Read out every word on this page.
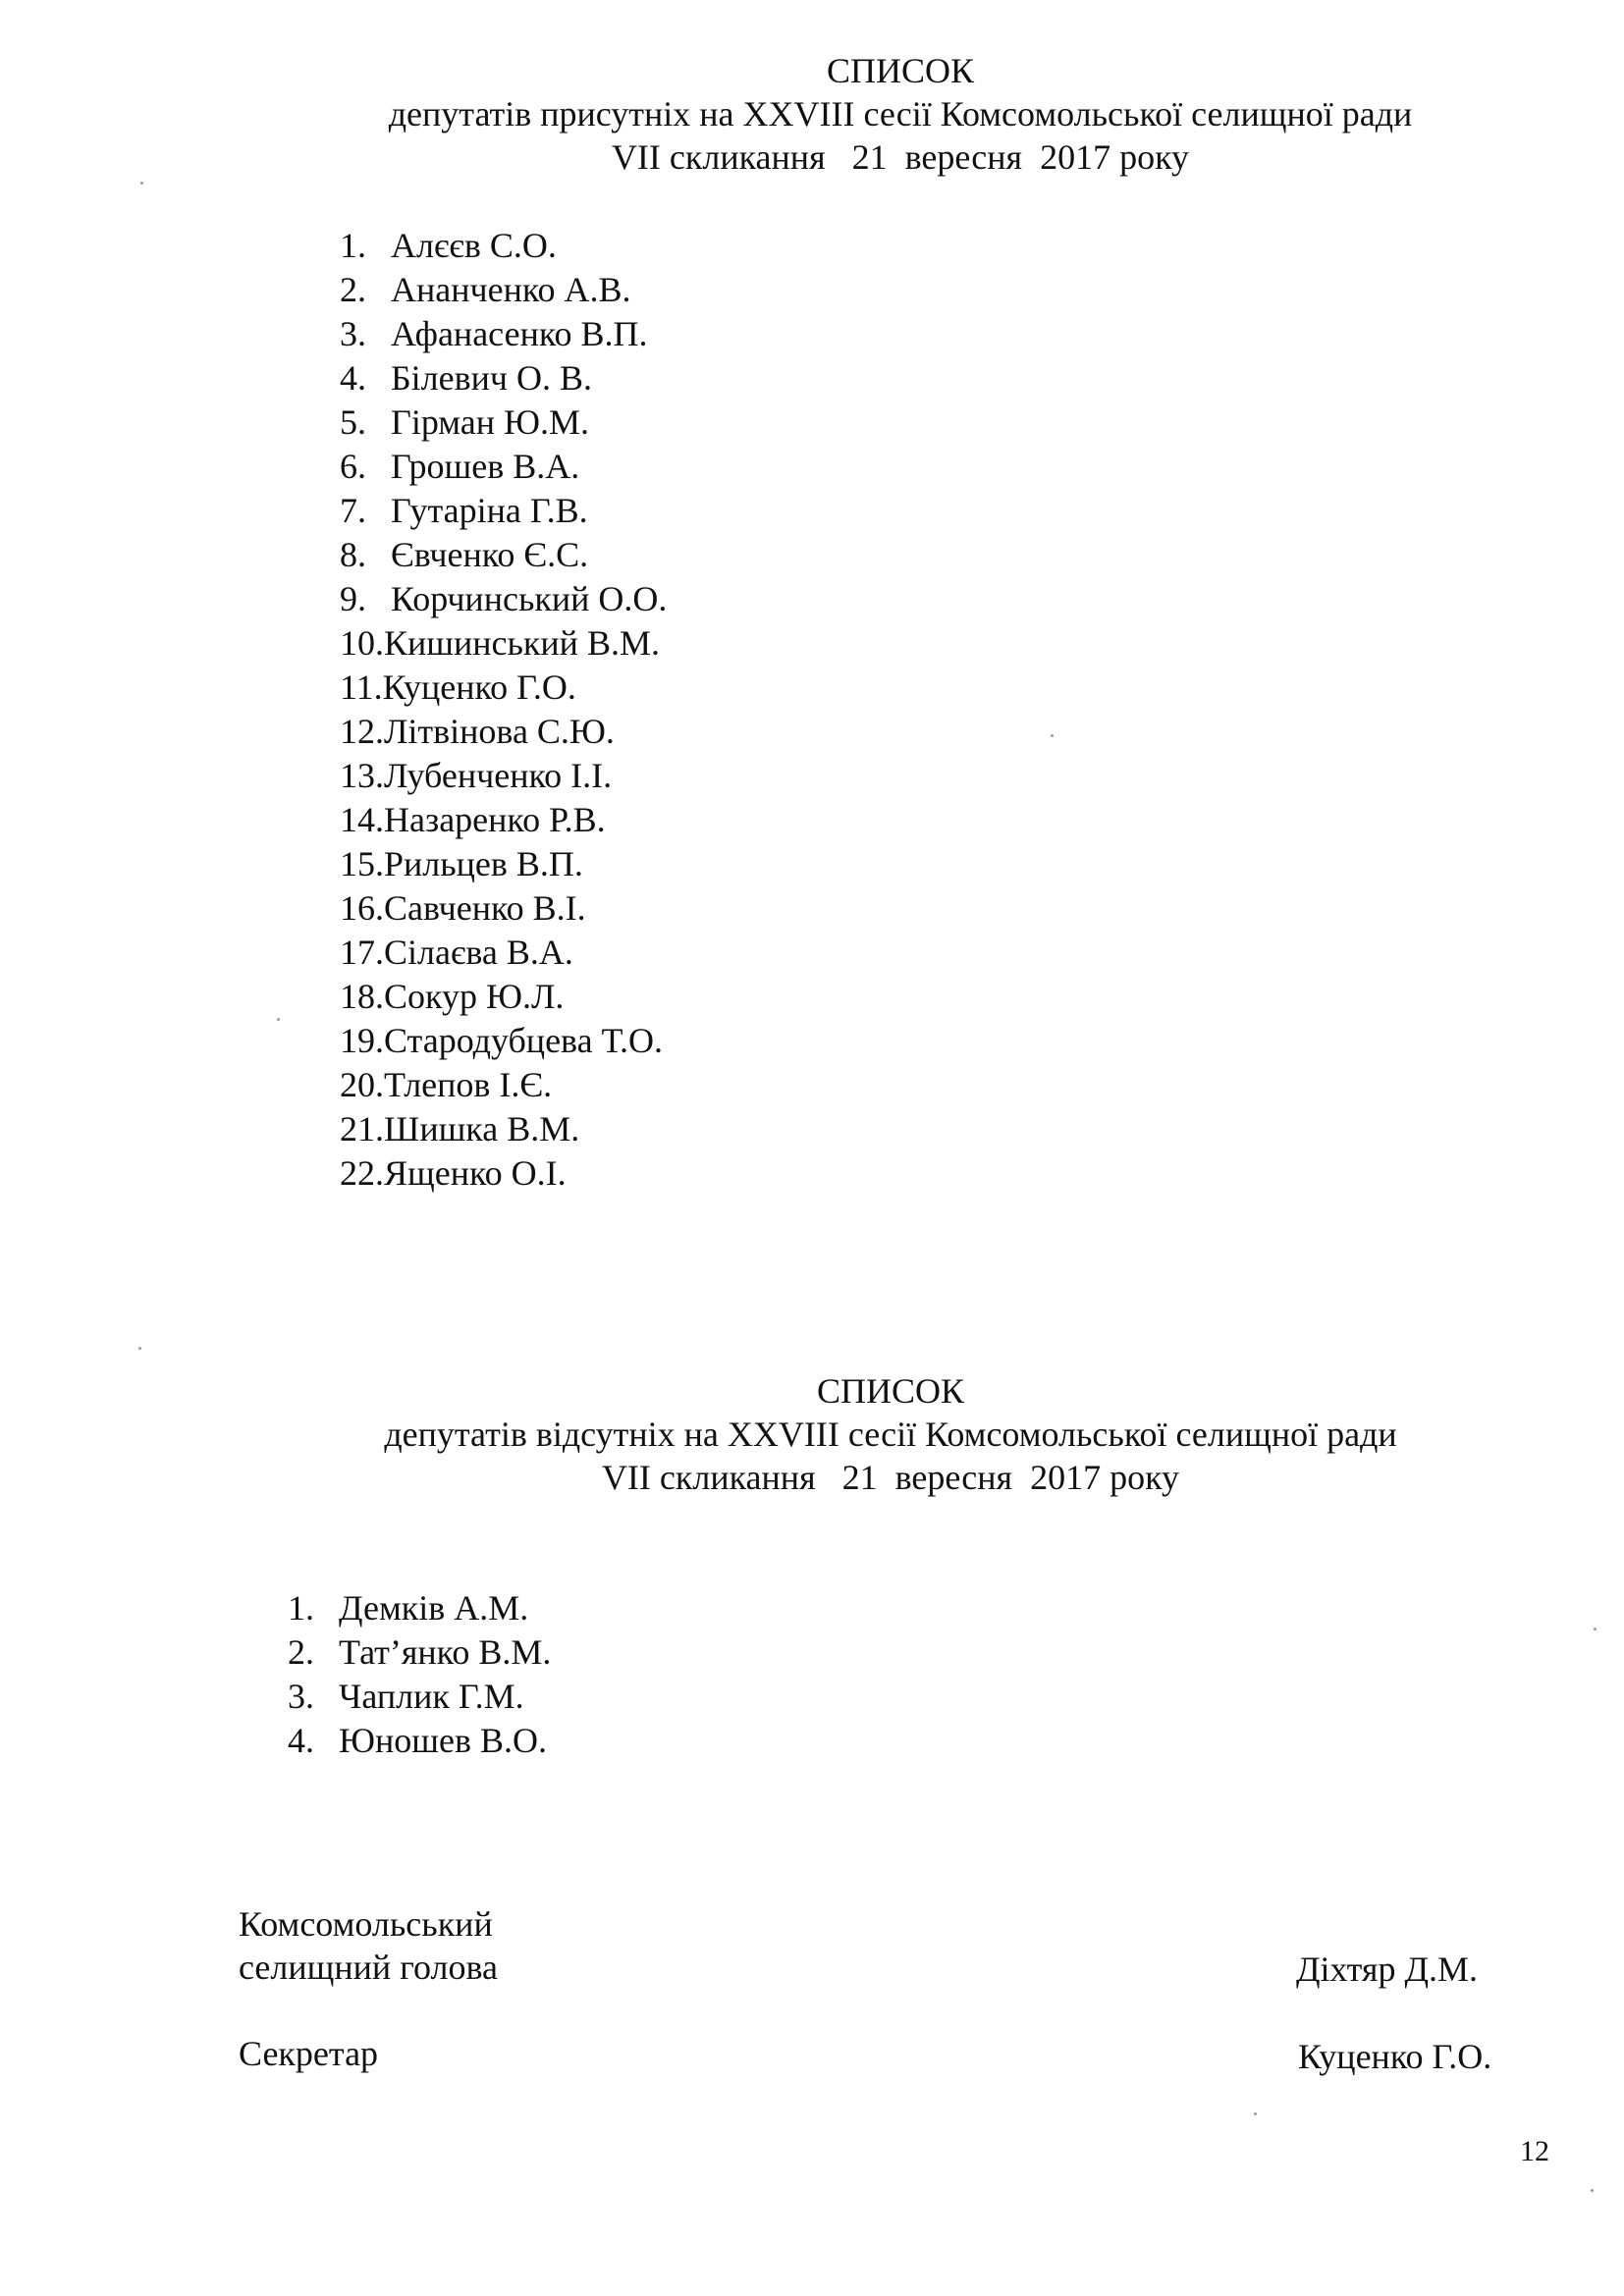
СПИСОК
депутатів присутніх на XXVIII сесії Комсомольської селищної ради
VII скликання   21  вересня  2017 року
1. Алєєв С.О.
2. Ананченко А.В.
3. Афанасенко В.П.
4. Білевич О. В.
5. Гірман Ю.М.
6. Грошев В.А.
7. Гутаріна Г.В.
8. Євченко Є.С.
9. Корчинський О.О.
10.Кишинський В.М.
11.Куценко Г.О.
12.Літвінова С.Ю.
13.Лубенченко І.І.
14.Назаренко Р.В.
15.Рильцев В.П.
16.Савченко В.І.
17.Сілаєва В.А.
18.Сокур Ю.Л.
19.Стародубцева Т.О.
20.Тлепов І.Є.
21.Шишка В.М.
22.Ященко О.І.
СПИСОК
депутатів відсутніх на XXVIII сесії Комсомольської селищної ради
VII скликання   21  вересня  2017 року
1. Демків А.М.
2. Тат’янко В.М.
3. Чаплик Г.М.
4. Юношев В.О.
Комсомольський
селищний голова	Діхтяр Д.М.
Секретар	Куценко Г.О.
12
